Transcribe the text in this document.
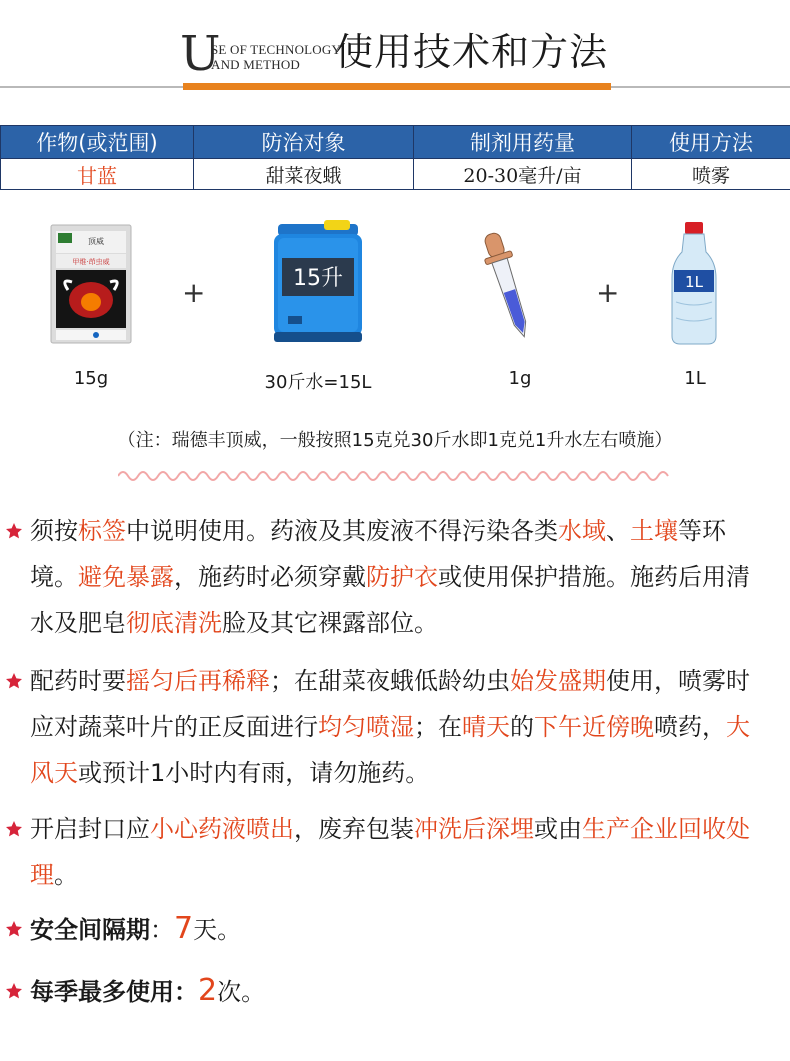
U
SE OF TECHNOLOGY
AND METHOD 使用技术和方法
作物(或范围)	防治对象	制剂用药量	使用方法
甘蓝	甜菜夜蛾	20-30毫升/亩	喷雾
顶威
甲维·茚虫威
+	15升	+	1L
15g	30斤水=15L	1g	1L
（注：瑞德丰顶威，一般按照15克兑30斤水即1克兑1升水左右喷施）
须按标签中说明使用。药液及其废液不得污染各类水域、土壤等环境。避免暴露，施药时必须穿戴防护衣或使用保护措施。施药后用清水及肥皂彻底清洗脸及其它裸露部位。
配药时要摇匀后再稀释；在甜菜夜蛾低龄幼虫始发盛期使用，喷雾时应对蔬菜叶片的正反面进行均匀喷湿；在晴天的下午近傍晚喷药，大风天或预计1小时内有雨，请勿施药。
开启封口应小心药液喷出，废弃包装冲洗后深埋或由生产企业回收处理。
安全间隔期：7天。
每季最多使用：2次。
